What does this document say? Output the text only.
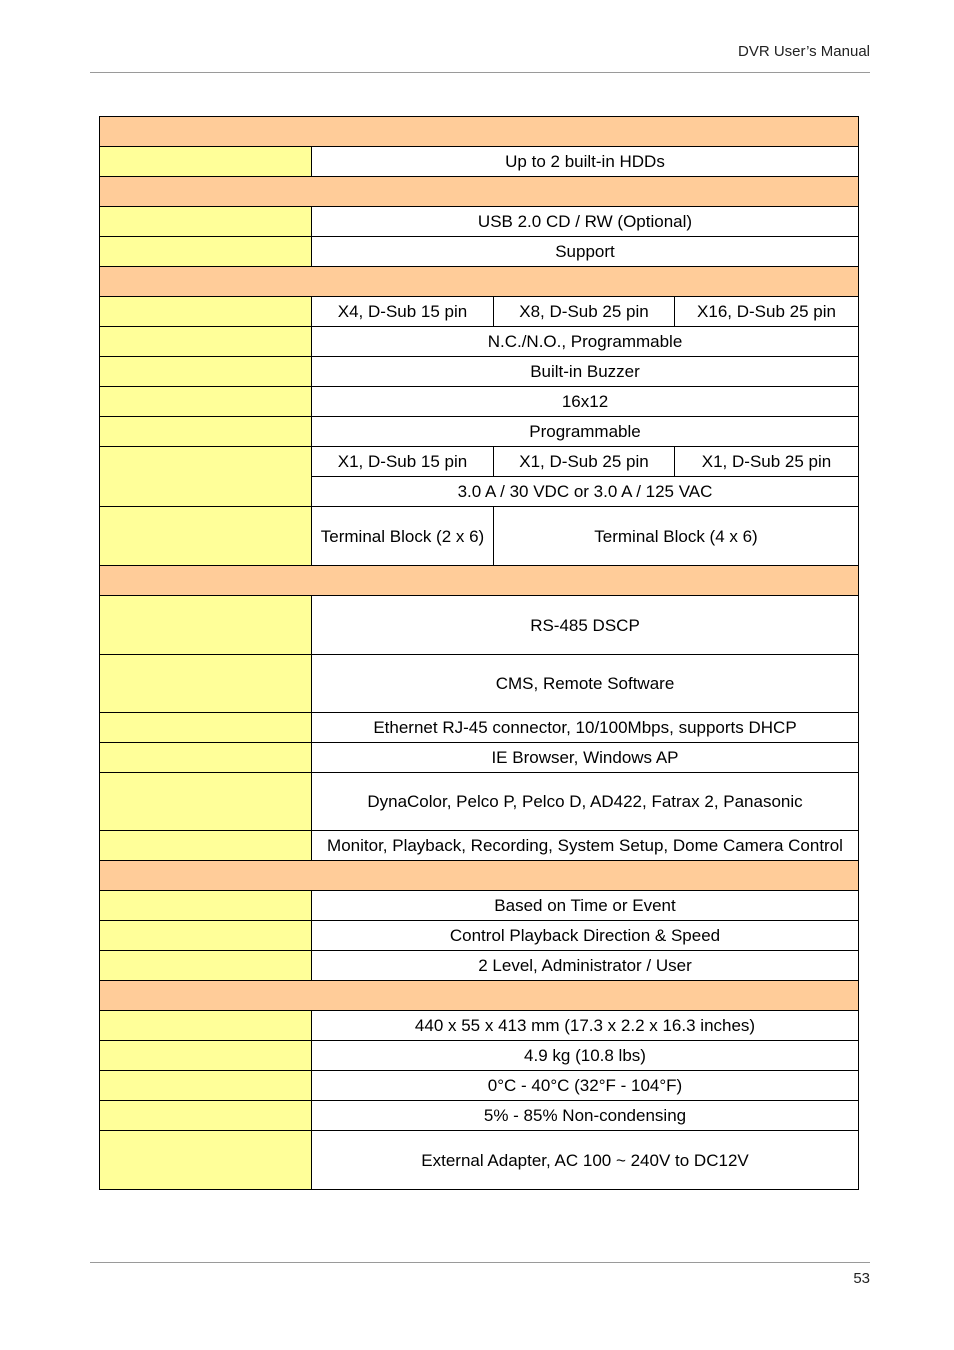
DVR User’s Manual

	Up to 2 built-in HDDs		

	USB 2.0 CD / RW (Optional)		
	Support		

	X4, D-Sub 15 pin	X8, D-Sub 25 pin	X16, D-Sub 25 pin
	N.C./N.O., Programmable		
	Built-in Buzzer		
	16x12		
	Programmable		
	X1, D-Sub 15 pin	X1, D-Sub 25 pin	X1, D-Sub 25 pin
	3.0 A / 30 VDC or 3.0 A / 125 VAC		
	Terminal Block (2 x 6)	Terminal Block (4 x 6)	

	RS-485 DSCP		
	CMS, Remote Software		
	Ethernet RJ-45 connector, 10/100Mbps, supports DHCP		
	IE Browser, Windows AP		
	DynaColor, Pelco P, Pelco D, AD422, Fatrax 2, Panasonic		
	Monitor, Playback, Recording, System Setup, Dome Camera Control		

	Based on Time or Event		
	Control Playback Direction & Speed		
	2 Level, Administrator / User		

	440 x 55 x 413 mm (17.3 x 2.2 x 16.3 inches)		
	4.9 kg (10.8 lbs)		
	0°C - 40°C (32°F - 104°F)		
	5% - 85% Non-condensing		
	External Adapter, AC 100 ~ 240V to DC12V		
53
